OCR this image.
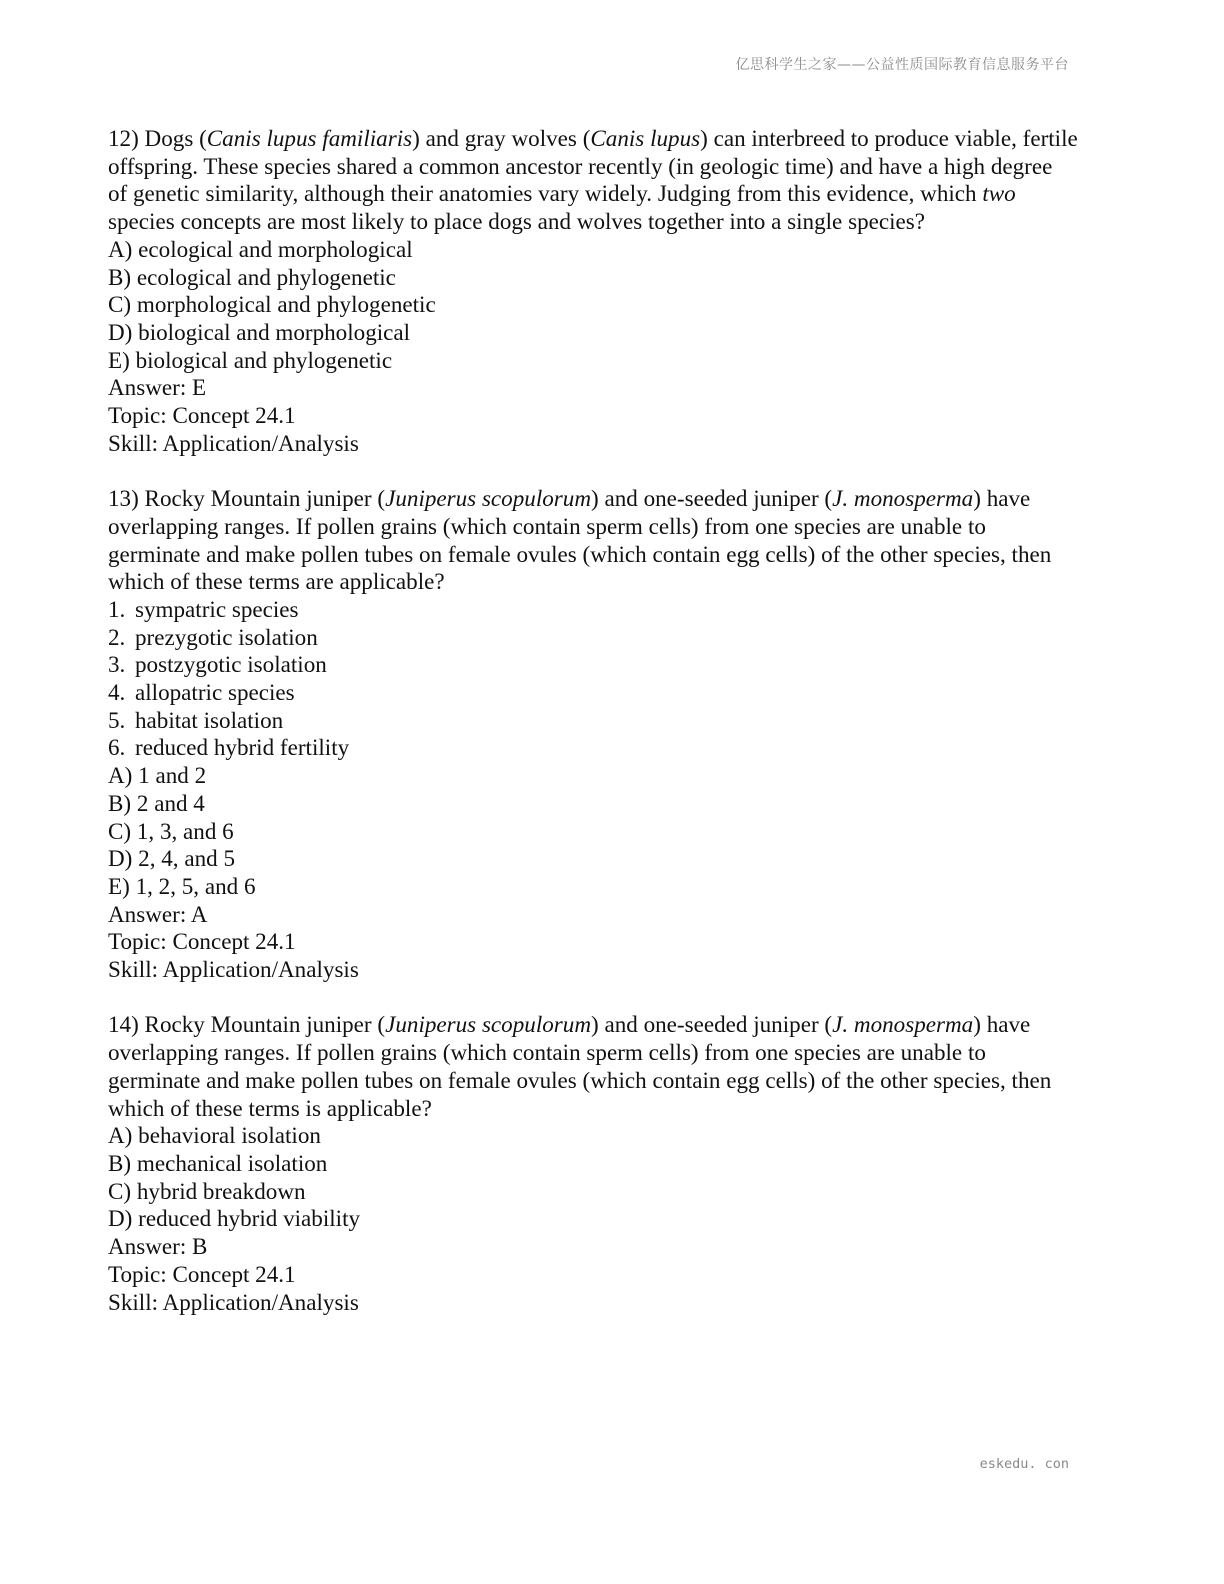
亿思科学生之家——公益性质国际教育信息服务平台
12) Dogs (Canis lupus familiaris) and gray wolves (Canis lupus) can interbreed to produce viable, fertile
offspring. These species shared a common ancestor recently (in geologic time) and have a high degree
of genetic similarity, although their anatomies vary widely. Judging from this evidence, which two
species concepts are most likely to place dogs and wolves together into a single species?
A) ecological and morphological
B) ecological and phylogenetic
C) morphological and phylogenetic
D) biological and morphological
E) biological and phylogenetic
Answer: E
Topic: Concept 24.1
Skill: Application/Analysis
13) Rocky Mountain juniper (Juniperus scopulorum) and one-seeded juniper (J. monosperma) have
overlapping ranges. If pollen grains (which contain sperm cells) from one species are unable to
germinate and make pollen tubes on female ovules (which contain egg cells) of the other species, then
which of these terms are applicable?
1. sympatric species
2. prezygotic isolation
3. postzygotic isolation
4. allopatric species
5. habitat isolation
6. reduced hybrid fertility
A) 1 and 2
B) 2 and 4
C) 1, 3, and 6
D) 2, 4, and 5
E) 1, 2, 5, and 6
Answer: A
Topic: Concept 24.1
Skill: Application/Analysis
14) Rocky Mountain juniper (Juniperus scopulorum) and one-seeded juniper (J. monosperma) have
overlapping ranges. If pollen grains (which contain sperm cells) from one species are unable to
germinate and make pollen tubes on female ovules (which contain egg cells) of the other species, then
which of these terms is applicable?
A) behavioral isolation
B) mechanical isolation
C) hybrid breakdown
D) reduced hybrid viability
Answer: B
Topic: Concept 24.1
Skill: Application/Analysis
eskedu. con
